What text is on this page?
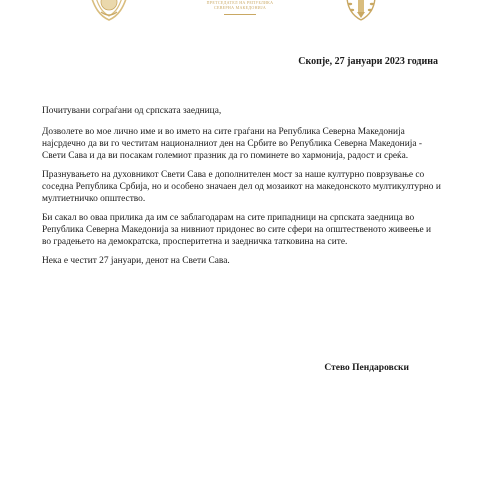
ПРЕТСЕДАТЕЛ НА РЕПУБЛИКА СЕВЕРНА МАКЕДОНИЈА
Скопје, 27 јануари 2023 година

Почитувани сограѓани од српската заедница,

Дозволете во мое лично име и во името на сите граѓани на Република Северна Македонија најсрдечно да ви го честитам националниот ден на Србите во Република Северна Македонија - Свети Сава и да ви посакам големиот празник да го поминете во хармонија, радост и среќа.

Празнувањето на духовникот Свети Сава е дополнителен мост за наше културно поврзување со соседна Република Србија, но и особено значаен дел од мозаикот на македонското мултикултурно и мултиетничко општество.

Би сакал во оваа прилика да им се заблагодарам на сите припадници на српската заедница во Република Северна Македонија за нивниот придонес во сите сфери на општественото живеење и во градењето на демократска, просперитетна и заедничка татковина на сите.

Нека е честит 27 јануари, денот на Свети Сава.

Стево Пендаровски
